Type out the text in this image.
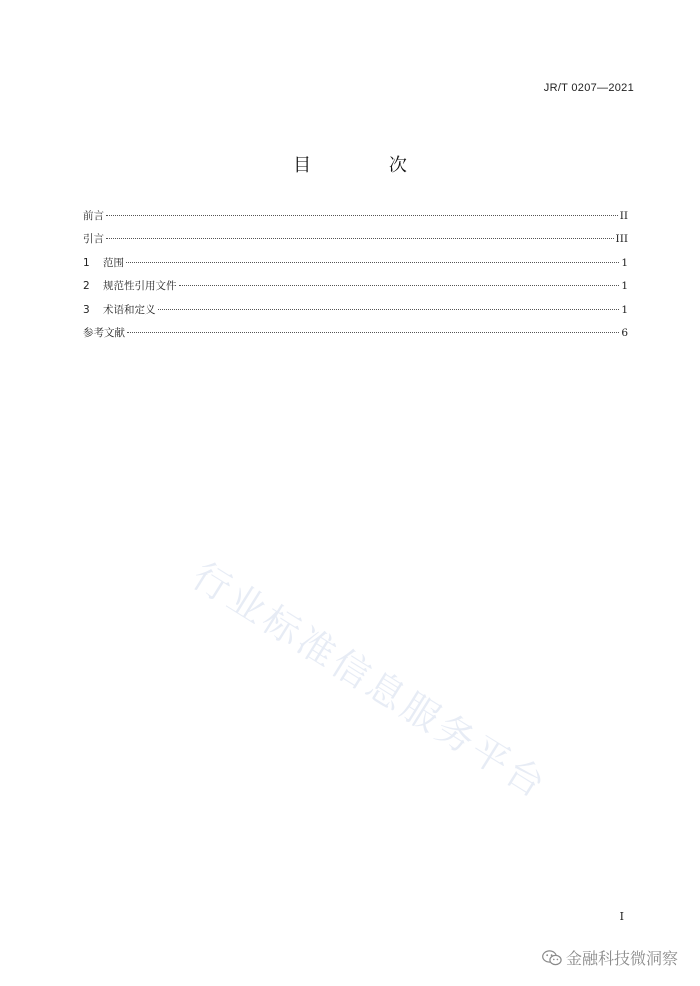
JR/T 0207—2021
目 次
前言	II
引言	III
1 范围	1
2 规范性引用文件	1
3 术语和定义	1
参考文献	6
行业标准信息服务平台
I
金融科技微洞察
